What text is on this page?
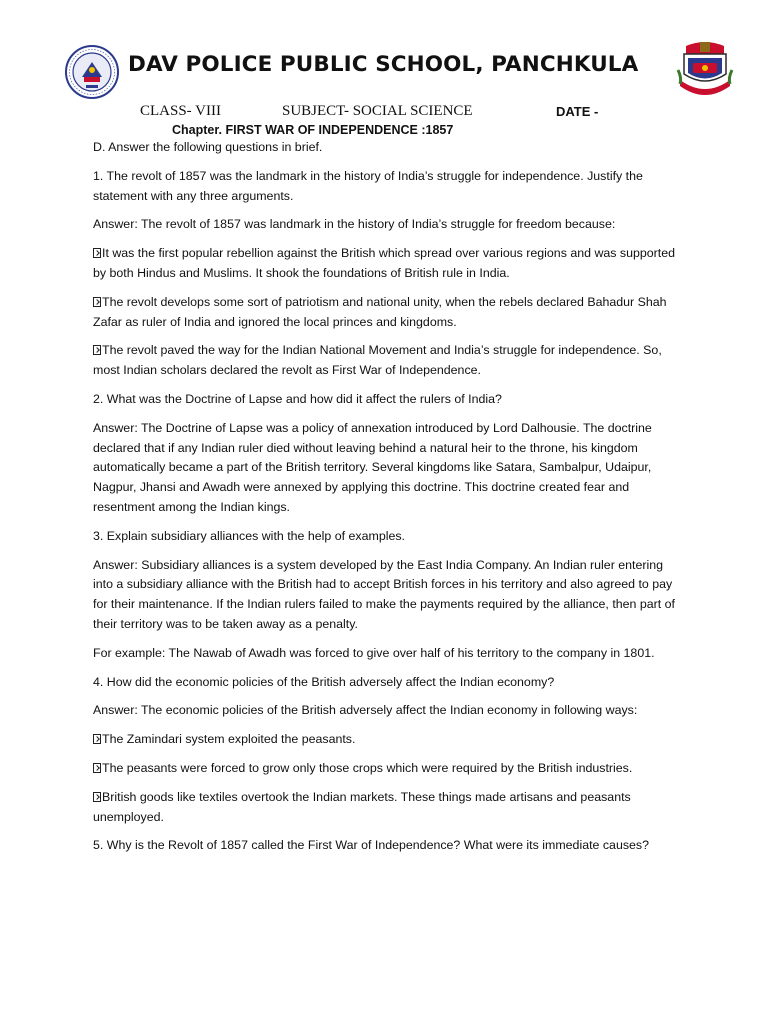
DAV POLICE PUBLIC SCHOOL, PANCHKULA
CLASS- VIII	SUBJECT- SOCIAL SCIENCE	DATE -
Chapter. FIRST WAR OF INDEPENDENCE :1857

D. Answer the following questions in brief.

1. The revolt of 1857 was the landmark in the history of India’s struggle for independence. Justify the statement with any three arguments.

Answer: The revolt of 1857 was landmark in the history of India’s struggle for freedom because:

It was the first popular rebellion against the British which spread over various regions and was supported by both Hindus and Muslims. It shook the foundations of British rule in India.

The revolt develops some sort of patriotism and national unity, when the rebels declared Bahadur Shah Zafar as ruler of India and ignored the local princes and kingdoms.

The revolt paved the way for the Indian National Movement and India’s struggle for independence. So, most Indian scholars declared the revolt as First War of Independence.

2. What was the Doctrine of Lapse and how did it affect the rulers of India?

Answer: The Doctrine of Lapse was a policy of annexation introduced by Lord Dalhousie. The doctrine declared that if any Indian ruler died without leaving behind a natural heir to the throne, his kingdom automatically became a part of the British territory. Several kingdoms like Satara, Sambalpur, Udaipur, Nagpur, Jhansi and Awadh were annexed by applying this doctrine. This doctrine created fear and resentment among the Indian kings.

3. Explain subsidiary alliances with the help of examples.

Answer: Subsidiary alliances is a system developed by the East India Company. An Indian ruler entering into a subsidiary alliance with the British had to accept British forces in his territory and also agreed to pay for their maintenance. If the Indian rulers failed to make the payments required by the alliance, then part of their territory was to be taken away as a penalty.

For example: The Nawab of Awadh was forced to give over half of his territory to the company in 1801.

4. How did the economic policies of the British adversely affect the Indian economy?

Answer: The economic policies of the British adversely affect the Indian economy in following ways:

The Zamindari system exploited the peasants.

The peasants were forced to grow only those crops which were required by the British industries.

British goods like textiles overtook the Indian markets. These things made artisans and peasants unemployed.

5. Why is the Revolt of 1857 called the First War of Independence? What were its immediate causes?
